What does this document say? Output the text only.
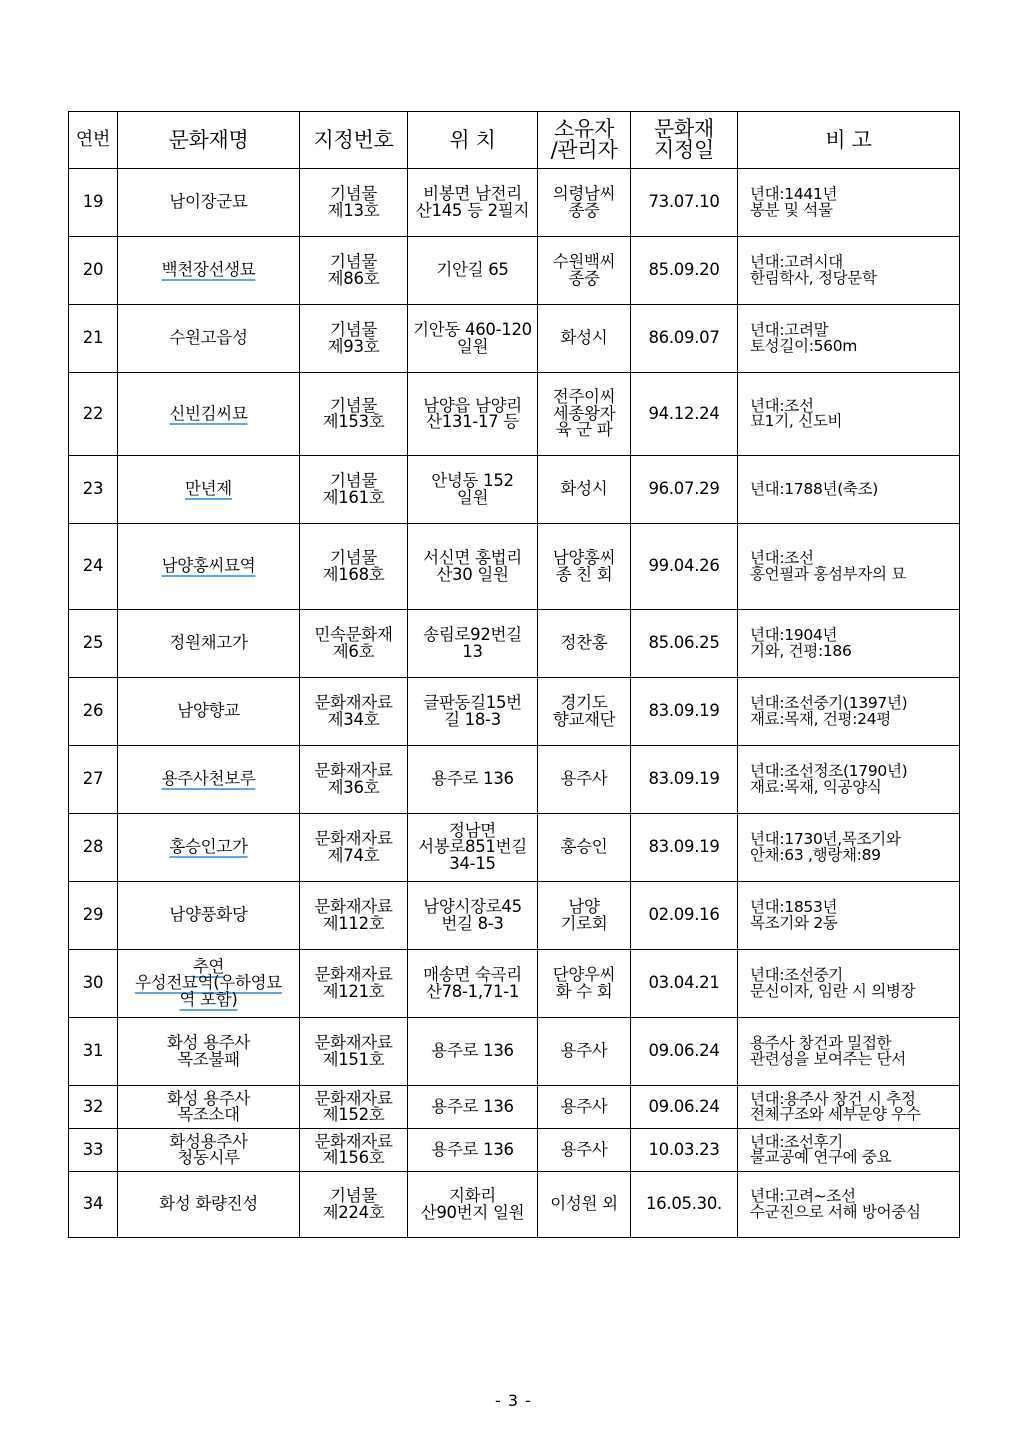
연번	문화재명	지정번호	위 치	소유자
/관리자	문화재
지정일	비 고
19	남이장군묘	기념물
제13호	비봉면 남전리
산145 등 2필지	의령남씨
종중	73.07.10	년대:1441년
봉분 및 석물
20	백천장선생묘	기념물
제86호	기안길 65	수원백씨
종중	85.09.20	년대:고려시대
한림학사, 정당문학
21	수원고읍성	기념물
제93호	기안동 460-120
일원	화성시	86.09.07	년대:고려말
토성길이:560m
22	신빈김씨묘	기념물
제153호	남양읍 남양리
산131-17 등	전주이씨
세종왕자
육 군 파	94.12.24	년대:조선
묘1기, 신도비
23	만년제	기념물
제161호	안녕동 152
일원	화성시	96.07.29	년대:1788년(축조)
24	남양홍씨묘역	기념물
제168호	서신면 홍법리
산30 일원	남양홍씨
종 친 회	99.04.26	년대:조선
홍언필과 홍섬부자의 묘
25	정원채고가	민속문화재
제6호	송림로92번길
13	정찬홍	85.06.25	년대:1904년
기와, 건평:186
26	남양향교	문화재자료
제34호	글판동길15번
길 18-3	경기도
향교재단	83.09.19	년대:조선중기(1397년)
재료:목재, 건평:24평
27	용주사천보루	문화재자료
제36호	용주로 136	용주사	83.09.19	년대:조선정조(1790년)
재료:목재, 익공양식
28	홍승인고가	문화재자료
제74호	정남면
서봉로851번길
34-15	홍승인	83.09.19	년대:1730년,목조기와
안채:63 ,행랑채:89
29	남양풍화당	문화재자료
제112호	남양시장로45
번길 8-3	남양
기로회	02.09.16	년대:1853년
목조기와 2동
30	추연
우성전묘역(우하영묘
역 포함)	문화재자료
제121호	매송면 숙곡리
산78-1,71-1	단양우씨
화 수 회	03.04.21	년대:조선중기
문신이자, 임란 시 의병장
31	화성 용주사
목조불패	문화재자료
제151호	용주로 136	용주사	09.06.24	용주사 창건과 밀접한
관련성을 보여주는 단서
32	화성 용주사
목조소대	문화재자료
제152호	용주로 136	용주사	09.06.24	년대:용주사 창건 시 추정
전체구조와 세부문양 우수
33	화성용주사
청동시루	문화재자료
제156호	용주로 136	용주사	10.03.23	년대:조선후기
불교공예 연구에 중요
34	화성 화량진성	기념물
제224호	지화리
산90번지 일원	이성원 외	16.05.30.	년대:고려~조선
수군진으로 서해 방어중심
- 3 -
